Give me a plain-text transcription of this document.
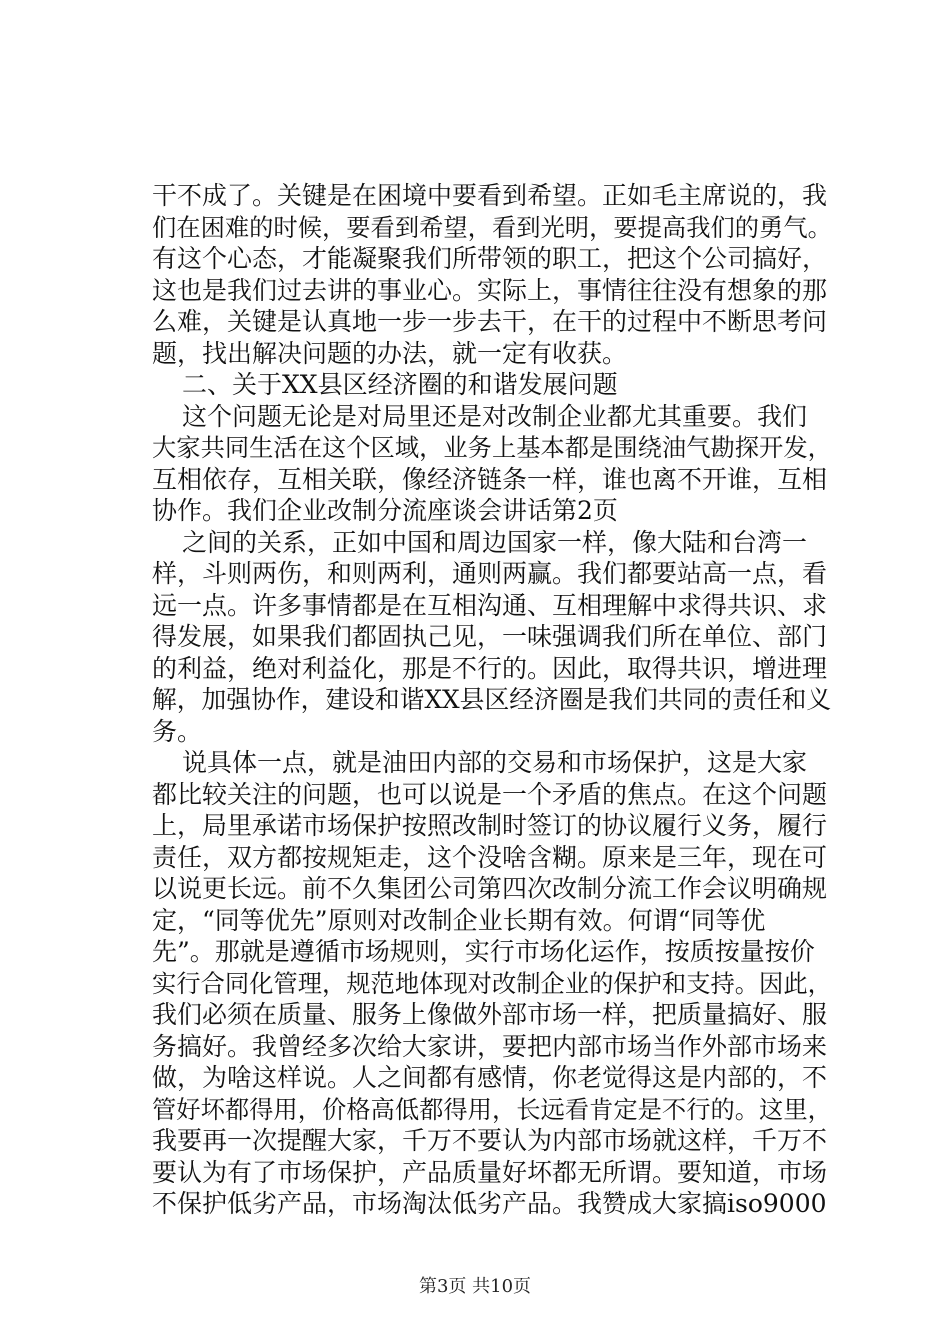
干不成了。关键是在困境中要看到希望。正如毛主席说的，我
们在困难的时候，要看到希望，看到光明，要提高我们的勇气。
有这个心态，才能凝聚我们所带领的职工，把这个公司搞好，
这也是我们过去讲的事业心。实际上，事情往往没有想象的那
么难，关键是认真地一步一步去干，在干的过程中不断思考问
题，找出解决问题的办法，就一定有收获。
二、关于XX县区经济圈的和谐发展问题
这个问题无论是对局里还是对改制企业都尤其重要。我们
大家共同生活在这个区域，业务上基本都是围绕油气勘探开发，
互相依存，互相关联，像经济链条一样，谁也离不开谁，互相
协作。我们企业改制分流座谈会讲话第2页
之间的关系，正如中国和周边国家一样，像大陆和台湾一
样，斗则两伤，和则两利，通则两赢。我们都要站高一点，看
远一点。许多事情都是在互相沟通、互相理解中求得共识、求
得发展，如果我们都固执己见，一味强调我们所在单位、部门
的利益，绝对利益化，那是不行的。因此，取得共识，增进理
解，加强协作，建设和谐XX县区经济圈是我们共同的责任和义
务。
说具体一点，就是油田内部的交易和市场保护，这是大家
都比较关注的问题，也可以说是一个矛盾的焦点。在这个问题
上，局里承诺市场保护按照改制时签订的协议履行义务，履行
责任，双方都按规矩走，这个没啥含糊。原来是三年，现在可
以说更长远。前不久集团公司第四次改制分流工作会议明确规
定，“同等优先”原则对改制企业长期有效。何谓“同等优
先”。那就是遵循市场规则，实行市场化运作，按质按量按价
实行合同化管理，规范地体现对改制企业的保护和支持。因此，
我们必须在质量、服务上像做外部市场一样，把质量搞好、服
务搞好。我曾经多次给大家讲，要把内部市场当作外部市场来
做，为啥这样说。人之间都有感情，你老觉得这是内部的，不
管好坏都得用，价格高低都得用，长远看肯定是不行的。这里，
我要再一次提醒大家，千万不要认为内部市场就这样，千万不
要认为有了市场保护，产品质量好坏都无所谓。要知道，市场
不保护低劣产品，市场淘汰低劣产品。我赞成大家搞iso9000
第3页 共10页
